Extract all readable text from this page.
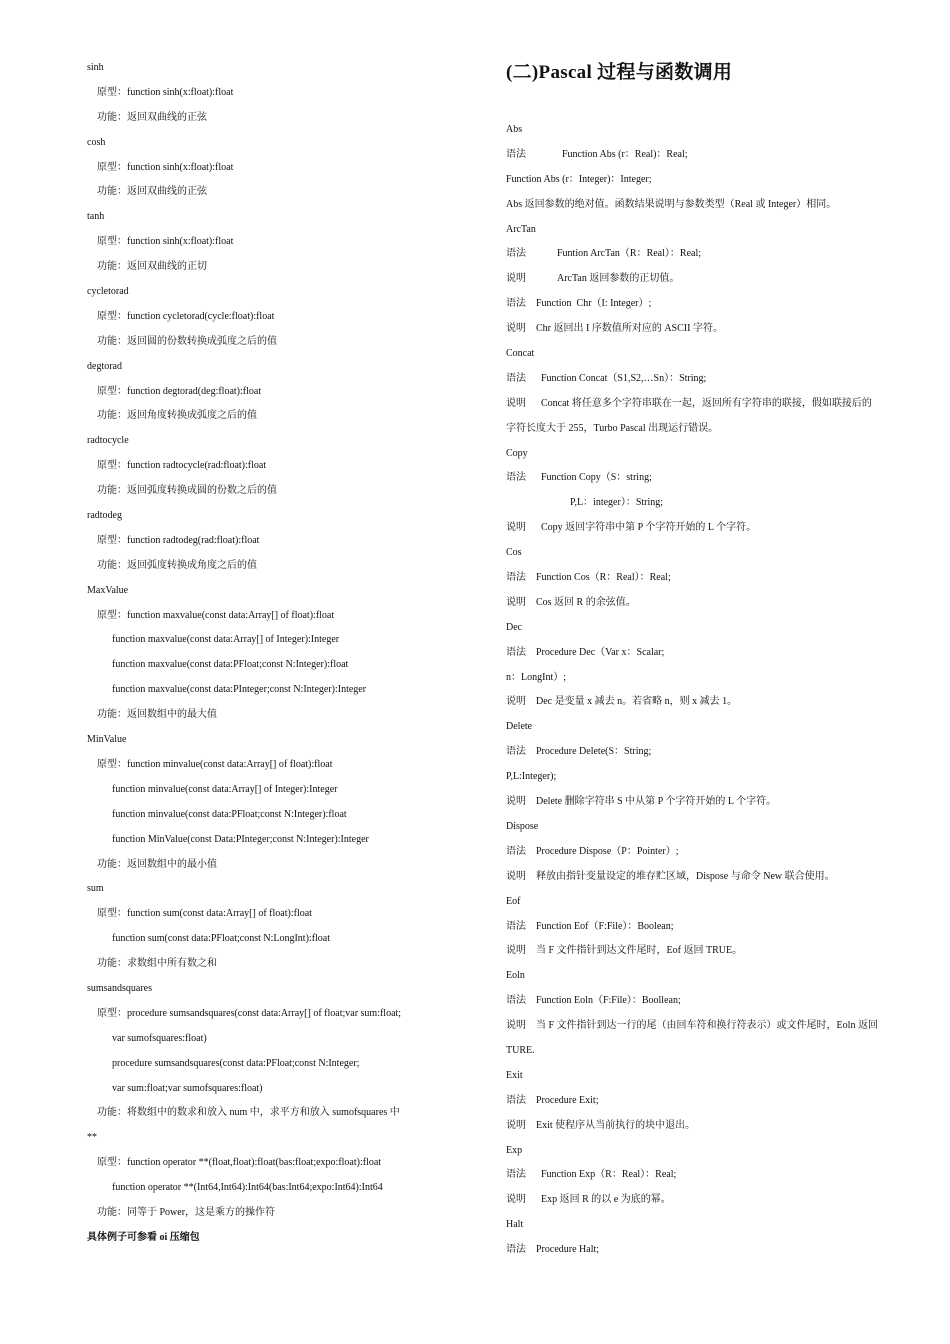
sinh
原型：function sinh(x:float):float
功能：返回双曲线的正弦
cosh
原型：function sinh(x:float):float
功能：返回双曲线的正弦
tanh
原型：function sinh(x:float):float
功能：返回双曲线的正切
cycletorad
原型：function cycletorad(cycle:float):float
功能：返回圆的份数转换成弧度之后的值
degtorad
原型：function degtorad(deg:float):float
功能：返回角度转换成弧度之后的值
radtocycle
原型：function radtocycle(rad:float):float
功能：返回弧度转换成圆的份数之后的值
radtodeg
原型：function radtodeg(rad:float):float
功能：返回弧度转换成角度之后的值
MaxValue
原型：function maxvalue(const data:Array[] of float):float
function maxvalue(const data:Array[] of Integer):Integer
function maxvalue(const data:PFloat;const N:Integer):float
function maxvalue(const data:PInteger;const N:Integer):Integer
功能：返回数组中的最大值
MinValue
原型：function minvalue(const data:Array[] of float):float
function minvalue(const data:Array[] of Integer):Integer
function minvalue(const data:PFloat;const N:Integer):float
function MinValue(const Data:PInteger;const N:Integer):Integer
功能：返回数组中的最小值
sum
原型：function sum(const data:Array[] of float):float
function sum(const data:PFloat;const N:LongInt):float
功能：求数组中所有数之和
sumsandsquares
原型：procedure sumsandsquares(const data:Array[] of float;var sum:float;
var sumofsquares:float)
procedure sumsandsquares(const data:PFloat;const N:Integer;
var sum:float;var sumofsquares:float)
功能：将数组中的数求和放入 num 中，求平方和放入 sumofsquares 中
**
原型：function operator **(float,float):float(bas:float;expo:float):float
function operator **(Int64,Int64):Int64(bas:Int64;expo:Int64):Int64
功能：同等于 Power，这是乘方的操作符
具体例子可参看 oi 压缩包
(二)Pascal 过程与函数调用
Abs
语法	Function Abs (r：Real)：Real;
Function Abs (r：Integer)：Integer;
Abs 返回参数的绝对值。函数结果说明与参数类型（Real 或 Integer）相同。
ArcTan
语法	Funtion ArcTan（R：Real）：Real;
说明	ArcTan 返回参数的正切值。
语法 Function  Chr（I: Integer）;
说明 Chr 返回出 I 序数值所对应的 ASCII 字符。
Concat
语法  Function Concat（S1,S2,…Sn）：String;
说明  Concat 将任意多个字符串联在一起，返回所有字符串的联接，假如联接后的
字符长度大于 255，Turbo Pascal 出现运行错误。
Copy
语法  Function Copy（S：string;
P,L：integer）：String;
说明  Copy 返回字符串中第 P 个字符开始的 L 个字符。
Cos
语法 Function Cos（R：Real）：Real;
说明 Cos 返回 R 的余弦值。
Dec
语法 Procedure Dec（Var x：Scalar;
n：LongInt）;
说明 Dec 是变量 x 减去 n。若省略 n，则 x 减去 1。
Delete
语法 Procedure Delete(S：String;
P,L:Integer);
说明 Delete 删除字符串 S 中从第 P 个字符开始的 L 个字符。
Dispose
语法 Procedure Dispose（P：Pointer）;
说明 释放由指针变量设定的堆存贮区域，Dispose 与命令 New 联合使用。
Eof
语法 Function Eof（F:File）：Boolean;
说明 当 F 文件指针到达文件尾时，Eof 返回 TRUE。
Eoln
语法 Function Eoln（F:File）：Boollean;
说明 当 F 文件指针到达一行的尾（由回车符和换行符表示）或文件尾时，Eoln 返回
TURE.
Exit
语法 Procedure Exit;
说明 Exit 使程序从当前执行的块中退出。
Exp
语法  Function Exp（R：Real）：Real;
说明  Exp 返回 R 的以 e 为底的幂。
Halt
语法 Procedure Halt;
